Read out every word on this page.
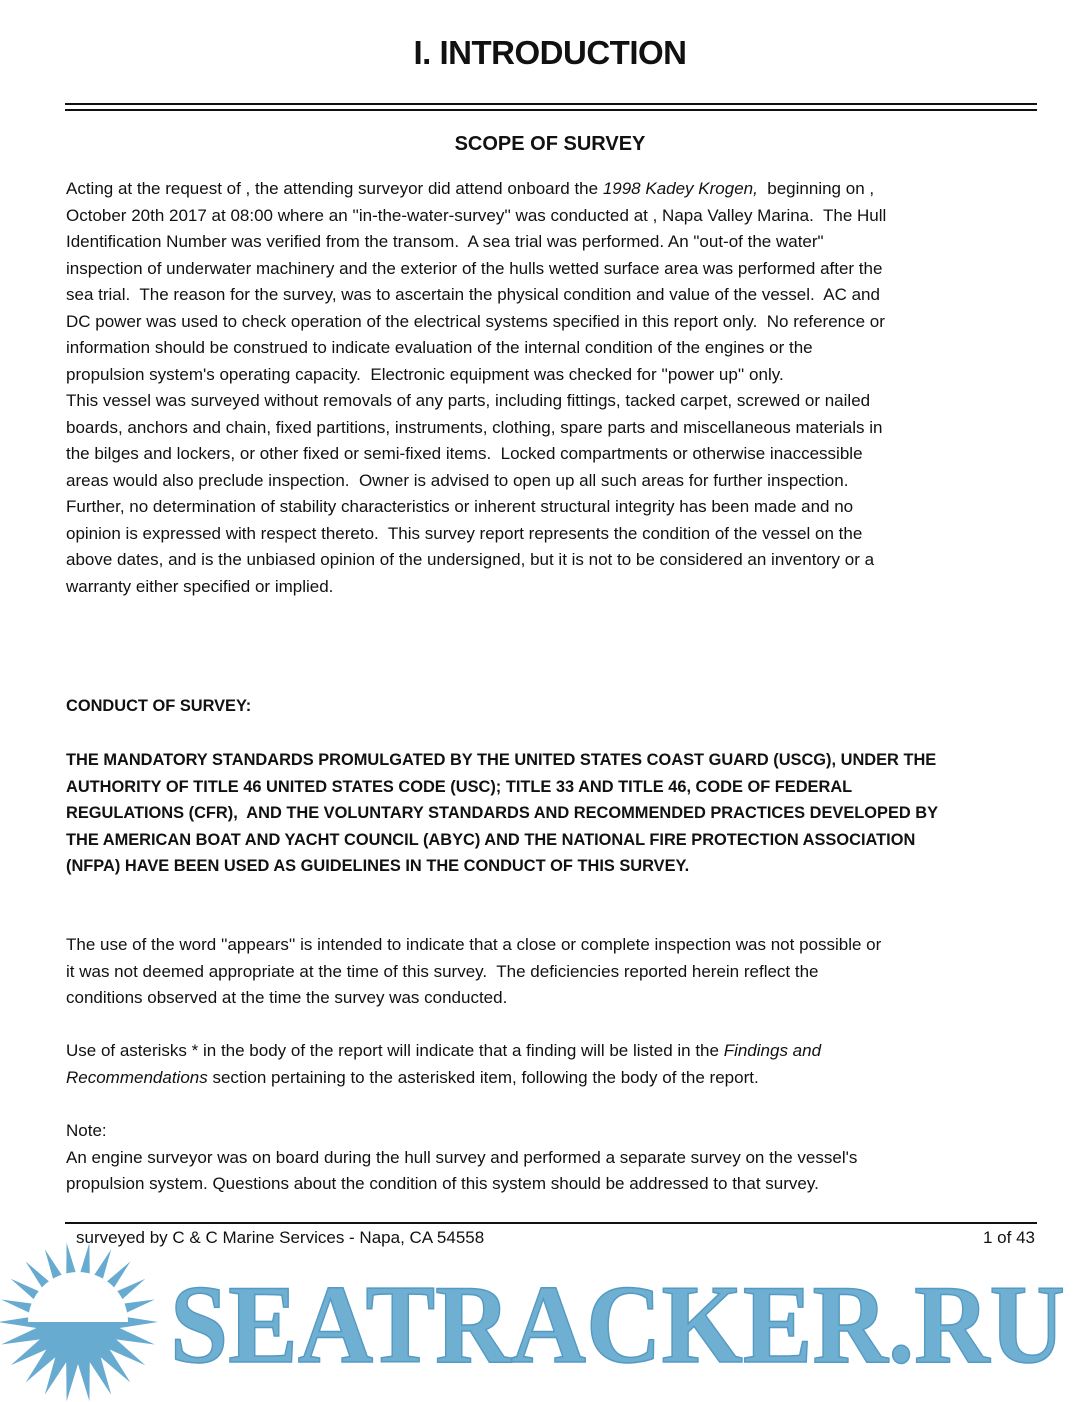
I. INTRODUCTION
SCOPE OF SURVEY
Acting at the request of , the attending surveyor did attend onboard the 1998 Kadey Krogen,  beginning on ,
October 20th 2017 at 08:00 where an ''in-the-water-survey'' was conducted at , Napa Valley Marina.  The Hull
Identification Number was verified from the transom.  A sea trial was performed. An "out-of the water"
inspection of underwater machinery and the exterior of the hulls wetted surface area was performed after the
sea trial.  The reason for the survey, was to ascertain the physical condition and value of the vessel.  AC and
DC power was used to check operation of the electrical systems specified in this report only.  No reference or
information should be construed to indicate evaluation of the internal condition of the engines or the
propulsion system's operating capacity.  Electronic equipment was checked for ''power up'' only.
This vessel was surveyed without removals of any parts, including fittings, tacked carpet, screwed or nailed
boards, anchors and chain, fixed partitions, instruments, clothing, spare parts and miscellaneous materials in
the bilges and lockers, or other fixed or semi-fixed items.  Locked compartments or otherwise inaccessible
areas would also preclude inspection.  Owner is advised to open up all such areas for further inspection.
Further, no determination of stability characteristics or inherent structural integrity has been made and no
opinion is expressed with respect thereto.  This survey report represents the condition of the vessel on the
above dates, and is the unbiased opinion of the undersigned, but it is not to be considered an inventory or a
warranty either specified or implied.
CONDUCT OF SURVEY:
THE MANDATORY STANDARDS PROMULGATED BY THE UNITED STATES COAST GUARD (USCG), UNDER THE
AUTHORITY OF TITLE 46 UNITED STATES CODE (USC); TITLE 33 AND TITLE 46, CODE OF FEDERAL
REGULATIONS (CFR),  AND THE VOLUNTARY STANDARDS AND RECOMMENDED PRACTICES DEVELOPED BY
THE AMERICAN BOAT AND YACHT COUNCIL (ABYC) AND THE NATIONAL FIRE PROTECTION ASSOCIATION
(NFPA) HAVE BEEN USED AS GUIDELINES IN THE CONDUCT OF THIS SURVEY.
The use of the word ''appears'' is intended to indicate that a close or complete inspection was not possible or
it was not deemed appropriate at the time of this survey.  The deficiencies reported herein reflect the
conditions observed at the time the survey was conducted.
Use of asterisks * in the body of the report will indicate that a finding will be listed in the Findings and
Recommendations section pertaining to the asterisked item, following the body of the report.
Note:
An engine surveyor was on board during the hull survey and performed a separate survey on the vessel's
propulsion system. Questions about the condition of this system should be addressed to that survey.
SEATRACKER.RU
surveyed by C & C Marine Services - Napa, CA 54558	1 of 43
